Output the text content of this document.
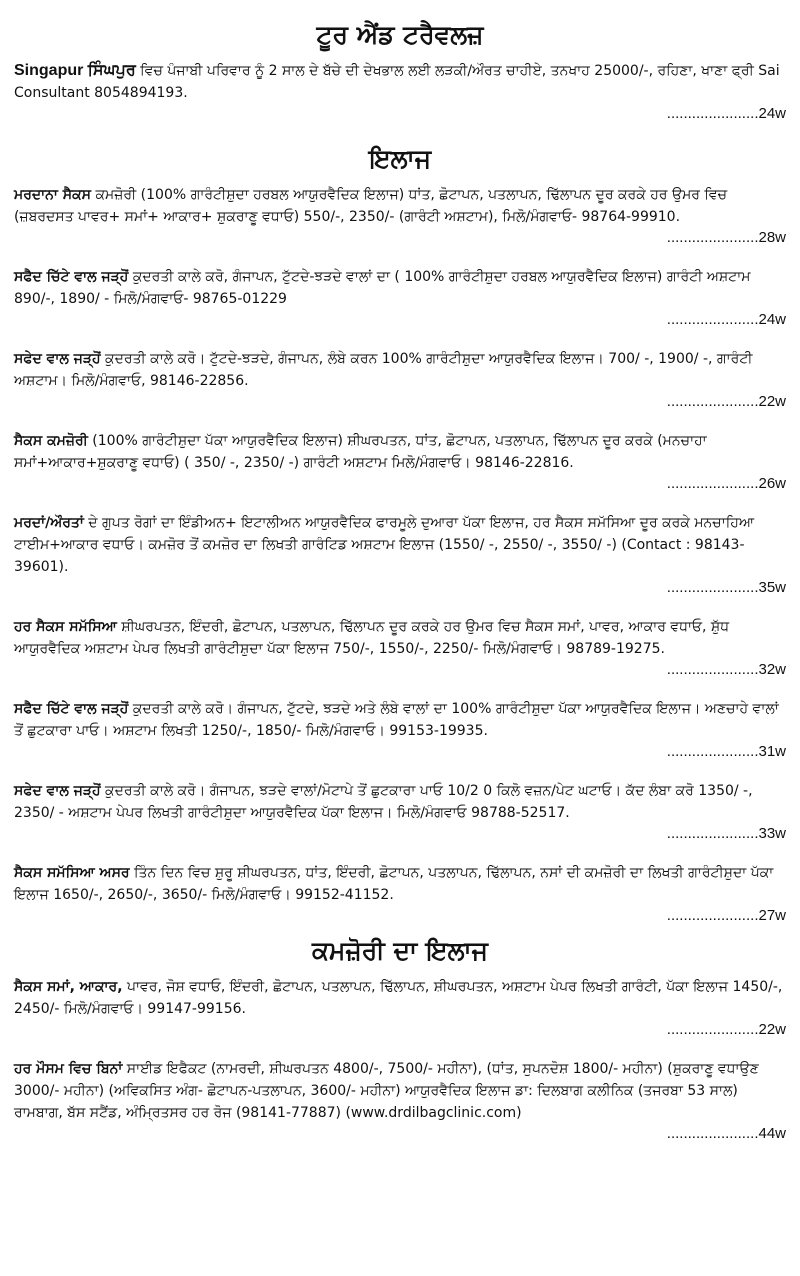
ਟੂਰ ਐਂਡ ਟਰੈਵਲਜ਼
Singapur ਸਿੰਘਪੁਰ ਵਿਚ ਪੰਜਾਬੀ ਪਰਿਵਾਰ ਨੂੰ 2 ਸਾਲ ਦੇ ਬੱਚੇ ਦੀ ਦੇਖਭਾਲ ਲਈ ਲੜਕੀ/ਔਰਤ ਚਾਹੀਏ, ਤਨਖਾਹ 25000/-, ਰਹਿਣਾ, ਖਾਣਾ ਫ੍ਰੀ Sai Consultant 8054894193.
......................24w
ਇਲਾਜ
ਮਰਦਾਨਾ ਸੈਕਸ ਕਮਜ਼ੋਰੀ (100% ਗਾਰੰਟੀਸ਼ੁਦਾ ਹਰਬਲ ਆਯੁਰਵੈਦਿਕ ਇਲਾਜ) ਧਾਂਤ, ਛੋਟਾਪਨ, ਪਤਲਾਪਨ, ਢਿੱਲਾਪਨ ਦੂਰ ਕਰਕੇ ਹਰ ਉਮਰ ਵਿਚ (ਜ਼ਬਰਦਸਤ ਪਾਵਰ+ ਸਮਾਂ+ ਆਕਾਰ+ ਸ਼ੁਕਰਾਣੂ ਵਧਾਓ) 550/-, 2350/- (ਗਾਰੰਟੀ ਅਸ਼ਟਾਮ), ਮਿਲੋ/ਮੰਗਵਾਓ- 98764-99910.
......................28w
ਸਫੈਦ ਚਿੱਟੇ ਵਾਲ ਜੜ੍ਹੋਂ ਕੁਦਰਤੀ ਕਾਲੇ ਕਰੋ, ਗੰਜਾਪਨ, ਟੁੱਟਦੇ-ਝੜਦੇ ਵਾਲਾਂ ਦਾ ( 100% ਗਾਰੰਟੀਸ਼ੁਦਾ ਹਰਬਲ ਆਯੁਰਵੈਦਿਕ ਇਲਾਜ) ਗਾਰੰਟੀ ਅਸ਼ਟਾਮ 890/-, 1890/ - ਮਿਲੋ/ਮੰਗਵਾਓ- 98765-01229
......................24w
ਸਫੇਦ ਵਾਲ ਜੜ੍ਹੋਂ ਕੁਦਰਤੀ ਕਾਲੇ ਕਰੋ। ਟੁੱਟਦੇ-ਝੜਦੇ, ਗੰਜਾਪਨ, ਲੰਬੇ ਕਰਨ 100% ਗਾਰੰਟੀਸ਼ੁਦਾ ਆਯੁਰਵੈਦਿਕ ਇਲਾਜ। 700/ -, 1900/ -, ਗਾਰੰਟੀ ਅਸ਼ਟਾਮ। ਮਿਲੋ/ਮੰਗਵਾਓ, 98146-22856.
......................22w
ਸੈਕਸ ਕਮਜ਼ੋਰੀ (100% ਗਾਰੰਟੀਸ਼ੁਦਾ ਪੱਕਾ ਆਯੁਰਵੈਦਿਕ ਇਲਾਜ) ਸ਼ੀਘਰਪਤਨ, ਧਾਂਤ, ਛੋਟਾਪਨ, ਪਤਲਾਪਨ, ਢਿੱਲਾਪਨ ਦੂਰ ਕਰਕੇ (ਮਨਚਾਹਾ ਸਮਾਂ+ਆਕਾਰ+ਸ਼ੁਕਰਾਣੂ ਵਧਾਓ) ( 350/ -, 2350/ -) ਗਾਰੰਟੀ ਅਸ਼ਟਾਮ ਮਿਲੋ/ਮੰਗਵਾਓ। 98146-22816.
......................26w
ਮਰਦਾਂ/ਔਰਤਾਂ ਦੇ ਗੁਪਤ ਰੋਗਾਂ ਦਾ ਇੰਡੀਅਨ+ ਇਟਾਲੀਅਨ ਆਯੁਰਵੈਦਿਕ ਫਾਰਮੂਲੇ ਦੁਆਰਾ ਪੱਕਾ ਇਲਾਜ, ਹਰ ਸੈਕਸ ਸਮੱਸਿਆ ਦੂਰ ਕਰਕੇ ਮਨਚਾਹਿਆ ਟਾਈਮ+ਆਕਾਰ ਵਧਾਓ। ਕਮਜ਼ੋਰ ਤੋਂ ਕਮਜ਼ੋਰ ਦਾ ਲਿਖਤੀ ਗਾਰੰਟਿਡ ਅਸ਼ਟਾਮ ਇਲਾਜ (1550/ -, 2550/ -, 3550/ -) (Contact : 98143-39601).
......................35w
ਹਰ ਸੈਕਸ ਸਮੱਸਿਆ ਸ਼ੀਘਰਪਤਨ, ਇੰਦਰੀ, ਛੋਟਾਪਨ, ਪਤਲਾਪਨ, ਢਿੱਲਾਪਨ ਦੂਰ ਕਰਕੇ ਹਰ ਉਮਰ ਵਿਚ ਸੈਕਸ ਸਮਾਂ, ਪਾਵਰ, ਆਕਾਰ ਵਧਾਓ, ਸ਼ੁੱਧ ਆਯੁਰਵੈਦਿਕ ਅਸ਼ਟਾਮ ਪੇਪਰ ਲਿਖਤੀ ਗਾਰੰਟੀਸ਼ੁਦਾ ਪੱਕਾ ਇਲਾਜ 750/-, 1550/-, 2250/- ਮਿਲੋ/ਮੰਗਵਾਓ। 98789-19275.
......................32w
ਸਫੈਦ ਚਿੱਟੇ ਵਾਲ ਜੜ੍ਹੋਂ ਕੁਦਰਤੀ ਕਾਲੇ ਕਰੋ। ਗੰਜਾਪਨ, ਟੁੱਟਦੇ, ਝੜਦੇ ਅਤੇ ਲੰਬੇ ਵਾਲਾਂ ਦਾ 100% ਗਾਰੰਟੀਸ਼ੁਦਾ ਪੱਕਾ ਆਯੁਰਵੈਦਿਕ ਇਲਾਜ। ਅਣਚਾਹੇ ਵਾਲਾਂ ਤੋਂ ਛੁਟਕਾਰਾ ਪਾਓ। ਅਸ਼ਟਾਮ ਲਿਖਤੀ 1250/-, 1850/- ਮਿਲੋ/ਮੰਗਵਾਓ। 99153-19935.
......................31w
ਸਫੇਦ ਵਾਲ ਜੜ੍ਹੋਂ ਕੁਦਰਤੀ ਕਾਲੇ ਕਰੋ। ਗੰਜਾਪਨ, ਝੜਦੇ ਵਾਲਾਂ/ਮੋਟਾਪੇ ਤੋਂ ਛੁਟਕਾਰਾ ਪਾਓ 10/2 0 ਕਿਲੋ ਵਜ਼ਨ/ਪੇਟ ਘਟਾਓ। ਕੱਦ ਲੰਬਾ ਕਰੋ 1350/ -, 2350/ - ਅਸ਼ਟਾਮ ਪੇਪਰ ਲਿਖਤੀ ਗਾਰੰਟੀਸ਼ੁਦਾ ਆਯੁਰਵੈਦਿਕ ਪੱਕਾ ਇਲਾਜ। ਮਿਲੋ/ਮੰਗਵਾਓ 98788-52517.
......................33w
ਸੈਕਸ ਸਮੱਸਿਆ ਅਸਰ ਤਿੰਨ ਦਿਨ ਵਿਚ ਸ਼ੁਰੂ ਸ਼ੀਘਰਪਤਨ, ਧਾਂਤ, ਇੰਦਰੀ, ਛੋਟਾਪਨ, ਪਤਲਾਪਨ, ਢਿੱਲਾਪਨ, ਨਸਾਂ ਦੀ ਕਮਜ਼ੋਰੀ ਦਾ ਲਿਖਤੀ ਗਾਰੰਟੀਸ਼ੁਦਾ ਪੱਕਾ ਇਲਾਜ 1650/-, 2650/-, 3650/- ਮਿਲੋ/ਮੰਗਵਾਓ। 99152-41152.
......................27w
ਕਮਜ਼ੋਰੀ ਦਾ ਇਲਾਜ
ਸੈਕਸ ਸਮਾਂ, ਆਕਾਰ, ਪਾਵਰ, ਜੋਸ਼ ਵਧਾਓ, ਇੰਦਰੀ, ਛੋਟਾਪਨ, ਪਤਲਾਪਨ, ਢਿੱਲਾਪਨ, ਸ਼ੀਘਰਪਤਨ, ਅਸ਼ਟਾਮ ਪੇਪਰ ਲਿਖਤੀ ਗਾਰੰਟੀ, ਪੱਕਾ ਇਲਾਜ 1450/-, 2450/- ਮਿਲੋ/ਮੰਗਵਾਓ। 99147-99156.
......................22w
ਹਰ ਮੌਸਮ ਵਿਚ ਬਿਨਾਂ ਸਾਈਡ ਇਫੈਕਟ (ਨਾਮਰਦੀ, ਸ਼ੀਘਰਪਤਨ 4800/-, 7500/- ਮਹੀਨਾ), (ਧਾਂਤ, ਸੁਪਨਦੋਸ਼ 1800/- ਮਹੀਨਾ) (ਸ਼ੁਕਰਾਣੂ ਵਧਾਉਣ 3000/- ਮਹੀਨਾ) (ਅਵਿਕਸਿਤ ਅੰਗ- ਛੋਟਾਪਨ-ਪਤਲਾਪਨ, 3600/- ਮਹੀਨਾ) ਆਯੁਰਵੈਦਿਕ ਇਲਾਜ ਡਾ: ਦਿਲਬਾਗ ਕਲੀਨਿਕ (ਤਜਰਬਾ 53 ਸਾਲ) ਰਾਮਬਾਗ, ਬੱਸ ਸਟੈਂਡ, ਅੰਮ੍ਰਿਤਸਰ ਹਰ ਰੋਜ (98141-77887) (www.drdilbagclinic.com)
......................44w
